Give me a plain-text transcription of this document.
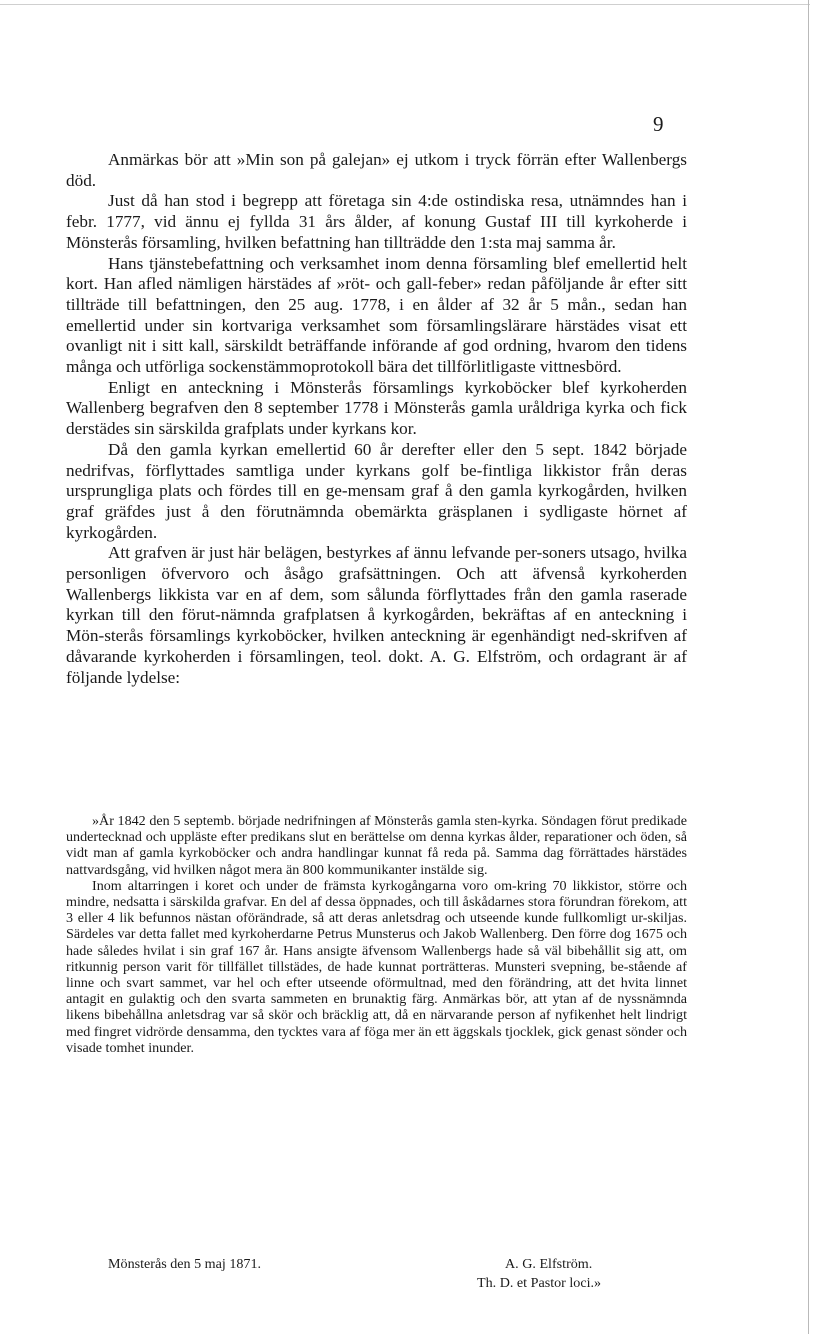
9

Anmärkas bör att »Min son på galejan» ej utkom i tryck förrän efter Wallenbergs död.

Just då han stod i begrepp att företaga sin 4:de ostindiska resa, utnämndes han i febr. 1777, vid ännu ej fyllda 31 års ålder, af konung Gustaf III till kyrkoherde i Mönsterås församling, hvilken befattning han tillträdde den 1:sta maj samma år.

Hans tjänstebefattning och verksamhet inom denna församling blef emellertid helt kort. Han afled nämligen härstädes af »röt- och gall-feber» redan påföljande år efter sitt tillträde till befattningen, den 25 aug. 1778, i en ålder af 32 år 5 mån., sedan han emellertid under sin kortvariga verksamhet som församlingslärare härstädes visat ett ovanligt nit i sitt kall, särskildt beträffande införande af god ordning, hvarom den tidens många och utförliga sockenstämmoprotokoll bära det tillförlitligaste vittnesbörd.

Enligt en anteckning i Mönsterås församlings kyrkoböcker blef kyrkoherden Wallenberg begrafven den 8 september 1778 i Mönsterås gamla uråldriga kyrka och fick derstädes sin särskilda grafplats under kyrkans kor.

Då den gamla kyrkan emellertid 60 år derefter eller den 5 sept. 1842 började nedrifvas, förflyttades samtliga under kyrkans golf be-fintliga likkistor från deras ursprungliga plats och fördes till en ge-mensam graf å den gamla kyrkogården, hvilken graf gräfdes just å den förutnämnda obemärkta gräsplanen i sydligaste hörnet af kyrkogården.

Att grafven är just här belägen, bestyrkes af ännu lefvande per-soners utsago, hvilka personligen öfvervoro och åsågo grafsättningen. Och att äfvenså kyrkoherden Wallenbergs likkista var en af dem, som sålunda förflyttades från den gamla raserade kyrkan till den förut-nämnda grafplatsen å kyrkogården, bekräftas af en anteckning i Mön-sterås församlings kyrkoböcker, hvilken anteckning är egenhändigt ned-skrifven af dåvarande kyrkoherden i församlingen, teol. dokt. A. G. Elfström, och ordagrant är af följande lydelse:

»År 1842 den 5 septemb. började nedrifningen af Mönsterås gamla sten-kyrka. Söndagen förut predikade undertecknad och uppläste efter predikans slut en berättelse om denna kyrkas ålder, reparationer och öden, så vidt man af gamla kyrkoböcker och andra handlingar kunnat få reda på. Samma dag förrättades härstädes nattvardsgång, vid hvilken något mera än 800 kommunikanter instälde sig.

Inom altarringen i koret och under de främsta kyrkogångarna voro om-kring 70 likkistor, större och mindre, nedsatta i särskilda grafvar. En del af dessa öppnades, och till åskådarnes stora förundran förekom, att 3 eller 4 lik befunnos nästan oförändrade, så att deras anletsdrag och utseende kunde fullkomligt ur-skiljas. Särdeles var detta fallet med kyrkoherdarne Petrus Munsterus och Jakob Wallenberg. Den förre dog 1675 och hade således hvilat i sin graf 167 år. Hans ansigte äfvensom Wallenbergs hade så väl bibehållit sig att, om ritkunnig person varit för tillfället tillstädes, de hade kunnat porträtteras. Munsteri svepning, be-stående af linne och svart sammet, var hel och efter utseende oförmultnad, med den förändring, att det hvita linnet antagit en gulaktig och den svarta sammeten en brunaktig färg. Anmärkas bör, att ytan af de nyssnämnda likens bibehållna anletsdrag var så skör och bräcklig att, då en närvarande person af nyfikenhet helt lindrigt med fingret vidrörde densamma, den tycktes vara af föga mer än ett äggskals tjocklek, gick genast sönder och visade tomhet inunder.

Mönsterås den 5 maj 1871.	A. G. Elfström.
Th. D. et Pastor loci.»
